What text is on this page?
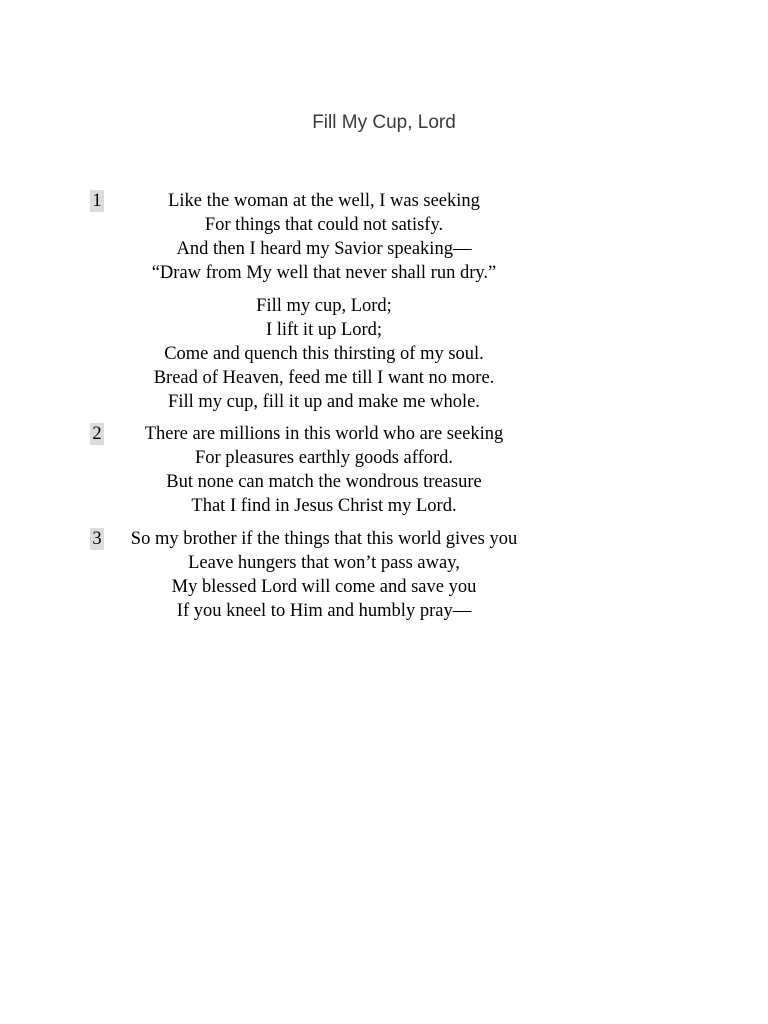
Fill My Cup, Lord
1	Like the woman at the well, I was seeking
For things that could not satisfy.
And then I heard my Savior speaking—
“Draw from My well that never shall run dry.”
Fill my cup, Lord;
I lift it up Lord;
Come and quench this thirsting of my soul.
Bread of Heaven, feed me till I want no more.
Fill my cup, fill it up and make me whole.
2	There are millions in this world who are seeking
For pleasures earthly goods afford.
But none can match the wondrous treasure
That I find in Jesus Christ my Lord.
3	So my brother if the things that this world gives you
Leave hungers that won’t pass away,
My blessed Lord will come and save you
If you kneel to Him and humbly pray—
